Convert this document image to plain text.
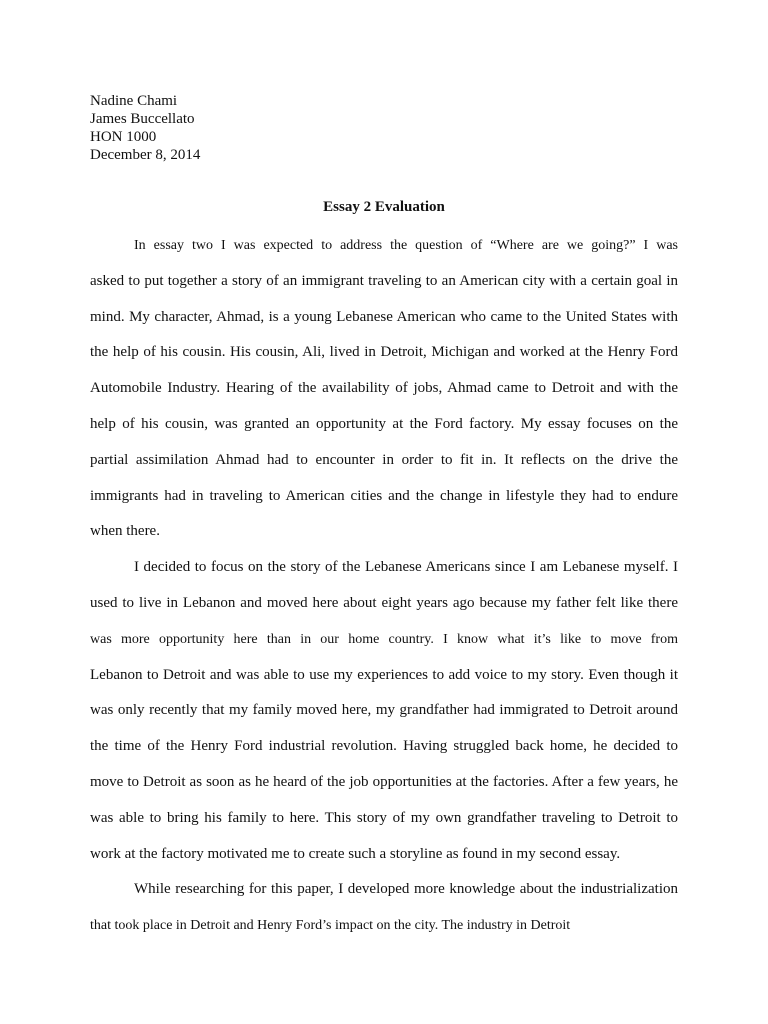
Nadine Chami
James Buccellato
HON 1000
December 8, 2014
Essay 2 Evaluation
In essay two I was expected to address the question of “Where are we going?” I was
asked to put together a story of an immigrant traveling to an American city with a certain goal in
mind. My character, Ahmad, is a young Lebanese American who came to the United States with
the help of his cousin. His cousin, Ali, lived in Detroit, Michigan and worked at the Henry Ford
Automobile Industry. Hearing of the availability of jobs, Ahmad came to Detroit and with the
help of his cousin, was granted an opportunity at the Ford factory. My essay focuses on the
partial assimilation Ahmad had to encounter in order to fit in. It reflects on the drive the
immigrants had in traveling to American cities and the change in lifestyle they had to endure
when there.
I decided to focus on the story of the Lebanese Americans since I am Lebanese myself. I
used to live in Lebanon and moved here about eight years ago because my father felt like there
was more opportunity here than in our home country. I know what it’s like to move from
Lebanon to Detroit and was able to use my experiences to add voice to my story. Even though it
was only recently that my family moved here, my grandfather had immigrated to Detroit around
the time of the Henry Ford industrial revolution. Having struggled back home, he decided to
move to Detroit as soon as he heard of the job opportunities at the factories. After a few years, he
was able to bring his family to here. This story of my own grandfather traveling to Detroit to
work at the factory motivated me to create such a storyline as found in my second essay.
While researching for this paper, I developed more knowledge about the industrialization
that took place in Detroit and Henry Ford’s impact on the city. The industry in Detroit
